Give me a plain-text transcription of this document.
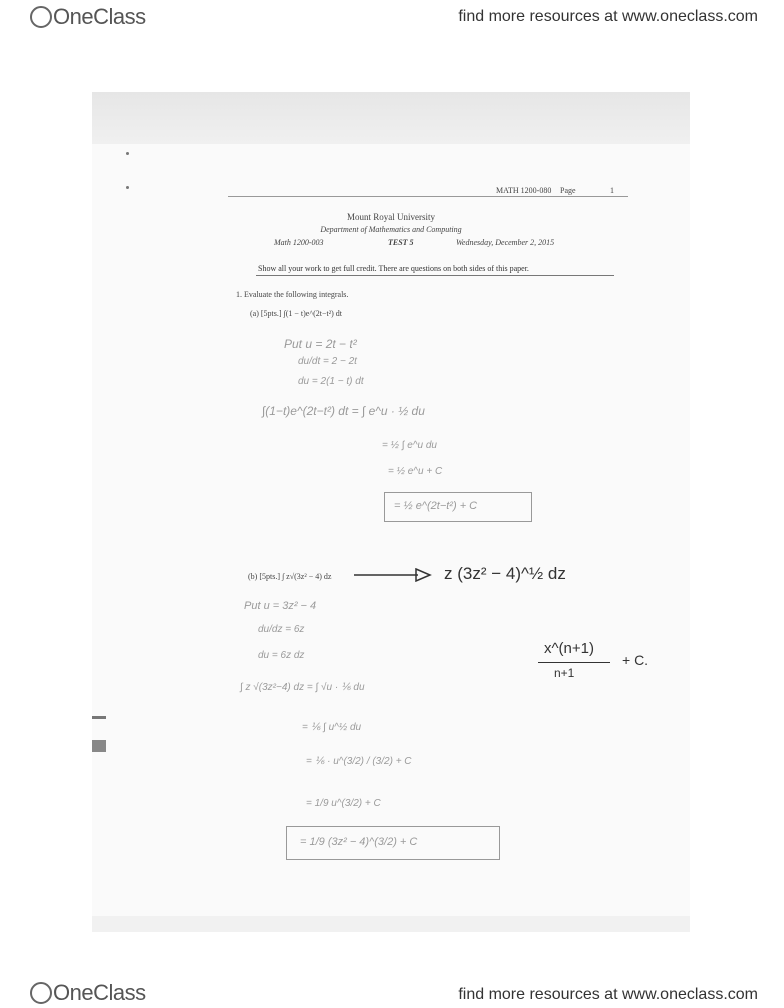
OneClass	find more resources at www.oneclass.com
MATH 1200-080 Page	1
Mount Royal University
Department of Mathematics and Computing
Math 1200-003	TEST 5	Wednesday, December 2, 2015
Show all your work to get full credit. There are questions on both sides of this paper.
1. Evaluate the following integrals.
(a) [5pts.] ∫(1 − t)e^(2t−t²) dt
Put u = 2t − t²
du/dt = 2 − 2t
du = 2(1 − t) dt
∫(1−t)e^(2t−t²) dt = ∫ e^u · ½ du
= ½ ∫ e^u du
= ½ e^u + C
= ½ e^(2t−t²) + C
(b) [5pts.] ∫ z√(3z² − 4) dz	z (3z² − 4)^½ dz
Put u = 3z² − 4
du/dz = 6z
du = 6z dz
∫ z √(3z²−4) dz = ∫ √u · ⅙ du
x^(n+1)
n+1
+ C.
= ⅙ ∫ u^½ du
= ⅙ · u^(3/2) / (3/2) + C
= 1/9 u^(3/2) + C
= 1/9 (3z² − 4)^(3/2) + C
OneClass	find more resources at www.oneclass.com
